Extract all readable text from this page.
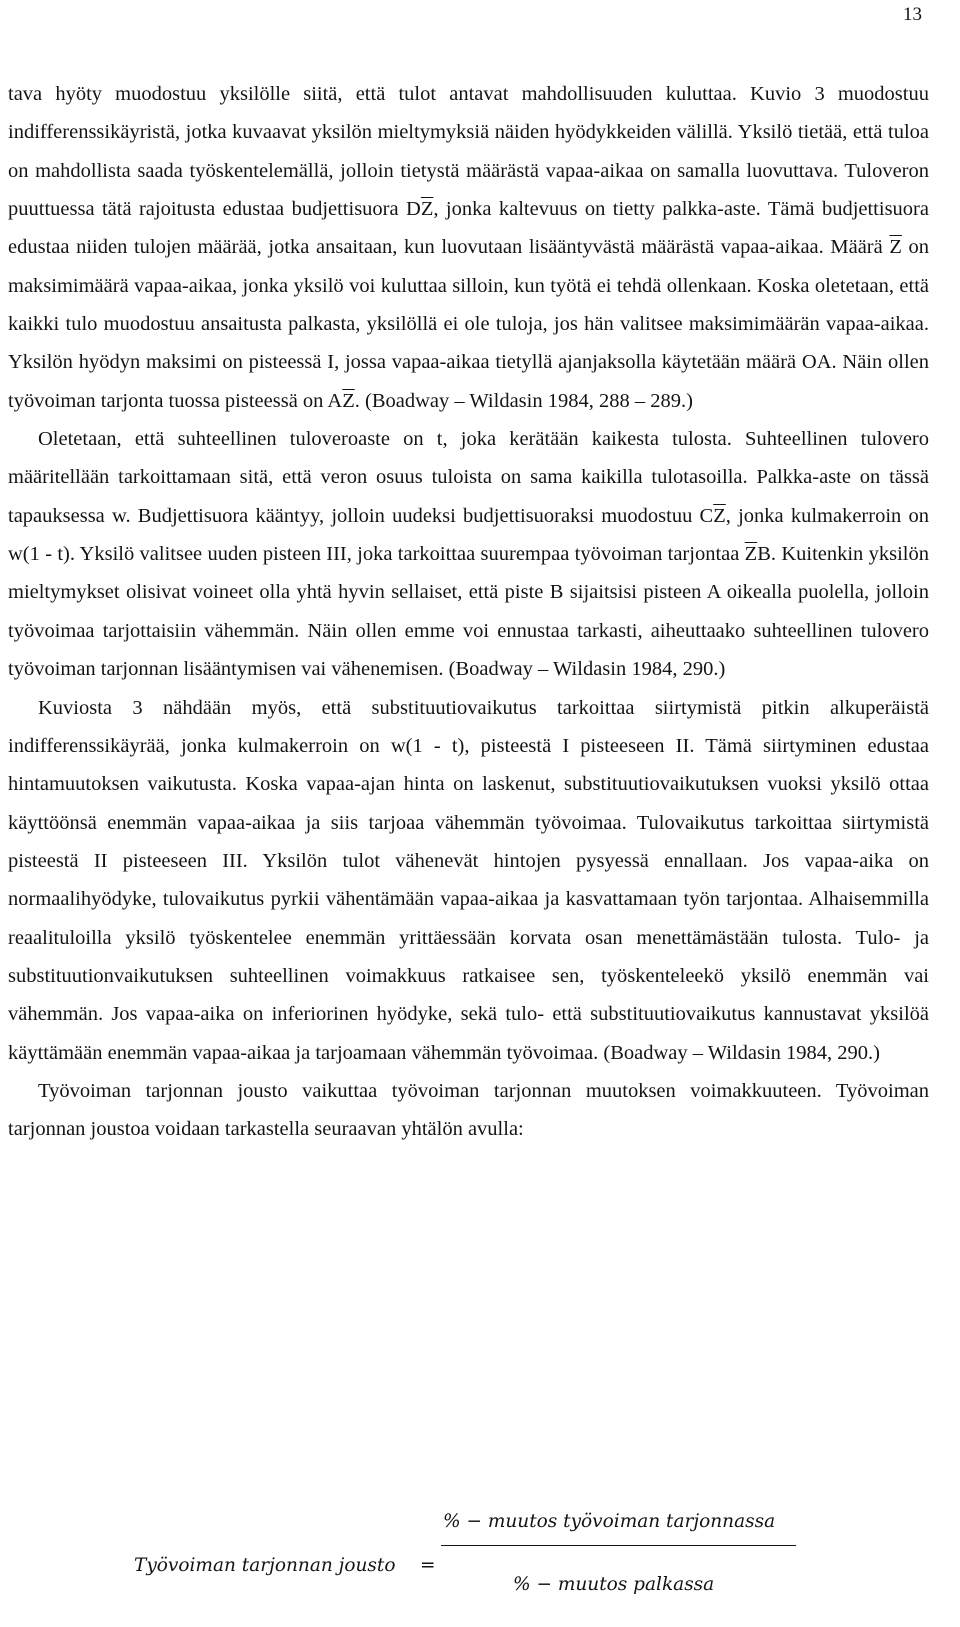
13

tava hyöty muodostuu yksilölle siitä, että tulot antavat mahdollisuuden kuluttaa. Kuvio 3 muodostuu indifferenssikäyristä, jotka kuvaavat yksilön mieltymyksiä näiden hyödykkeiden välillä. Yksilö tietää, että tuloa on mahdollista saada työskentelemällä, jolloin tietystä määrästä vapaa-aikaa on samalla luovuttava. Tuloveron puuttuessa tätä rajoitusta edustaa budjettisuora $D\overline{Z}$, jonka kaltevuus on tietty palkka-aste. Tämä budjettisuora edustaa niiden tulojen määrää, jotka ansaitaan, kun luovutaan lisääntyvästä määrästä vapaa-aikaa. Määrä $\overline{Z}$ on maksimimäärä vapaa-aikaa, jonka yksilö voi kuluttaa silloin, kun työtä ei tehdä ollenkaan. Koska oletetaan, että kaikki tulo muodostuu ansaitusta palkasta, yksilöllä ei ole tuloja, jos hän valitsee maksimimäärän vapaa-aikaa. Yksilön hyödyn maksimi on pisteessä I, jossa vapaa-aikaa tietyllä ajanjaksolla käytetään määrä OA. Näin ollen työvoiman tarjonta tuossa pisteessä on $A\overline{Z}$. (Boadway – Wildasin 1984, 288 – 289.)

Oletetaan, että suhteellinen tuloveroaste on t, joka kerätään kaikesta tulosta. Suhteellinen tulovero määritellään tarkoittamaan sitä, että veron osuus tuloista on sama kaikilla tulotasoilla. Palkka-aste on tässä tapauksessa w. Budjettisuora kääntyy, jolloin uudeksi budjettisuoraksi muodostuu $C\overline{Z}$, jonka kulmakerroin on w(1 - t). Yksilö valitsee uuden pisteen III, joka tarkoittaa suurempaa työvoiman tarjontaa $\overline{Z}B$. Kuitenkin yksilön mieltymykset olisivat voineet olla yhtä hyvin sellaiset, että piste B sijaitsisi pisteen A oikealla puolella, jolloin työvoimaa tarjottaisiin vähemmän. Näin ollen emme voi ennustaa tarkasti, aiheuttaako suhteellinen tulovero työvoiman tarjonnan lisääntymisen vai vähenemisen. (Boadway – Wildasin 1984, 290.)

Kuviosta 3 nähdään myös, että substituutiovaikutus tarkoittaa siirtymistä pitkin alkuperäistä indifferenssikäyrää, jonka kulmakerroin on w(1 - t), pisteestä I pisteeseen II. Tämä siirtyminen edustaa hintamuutoksen vaikutusta. Koska vapaa-ajan hinta on laskenut, substituutiovaikutuksen vuoksi yksilö ottaa käyttöönsä enemmän vapaa-aikaa ja siis tarjoaa vähemmän työvoimaa. Tulovaikutus tarkoittaa siirtymistä pisteestä II pisteeseen III. Yksilön tulot vähenevät hintojen pysyessä ennallaan. Jos vapaa-aika on normaalihyödyke, tulovaikutus pyrkii vähentämään vapaa-aikaa ja kasvattamaan työn tarjontaa. Alhaisemmilla reaalituloilla yksilö työskentelee enemmän yrittäessään korvata osan menettämästään tulosta. Tulo- ja substituutionvaikutuksen suhteellinen voimakkuus ratkaisee sen, työskenteleekö yksilö enemmän vai vähemmän. Jos vapaa-aika on inferiorinen hyödyke, sekä tulo- että substituutiovaikutus kannustavat yksilöä käyttämään enemmän vapaa-aikaa ja tarjoamaan vähemmän työvoimaa. (Boadway – Wildasin 1984, 290.)

Työvoiman tarjonnan jousto vaikuttaa työvoiman tarjonnan muutoksen voimakkuuteen. Työvoiman tarjonnan joustoa voidaan tarkastella seuraavan yhtälön avulla:

Työvoiman tarjonnan jousto =
% − muutos työvoiman tarjonnassa
% − muutos palkassa
